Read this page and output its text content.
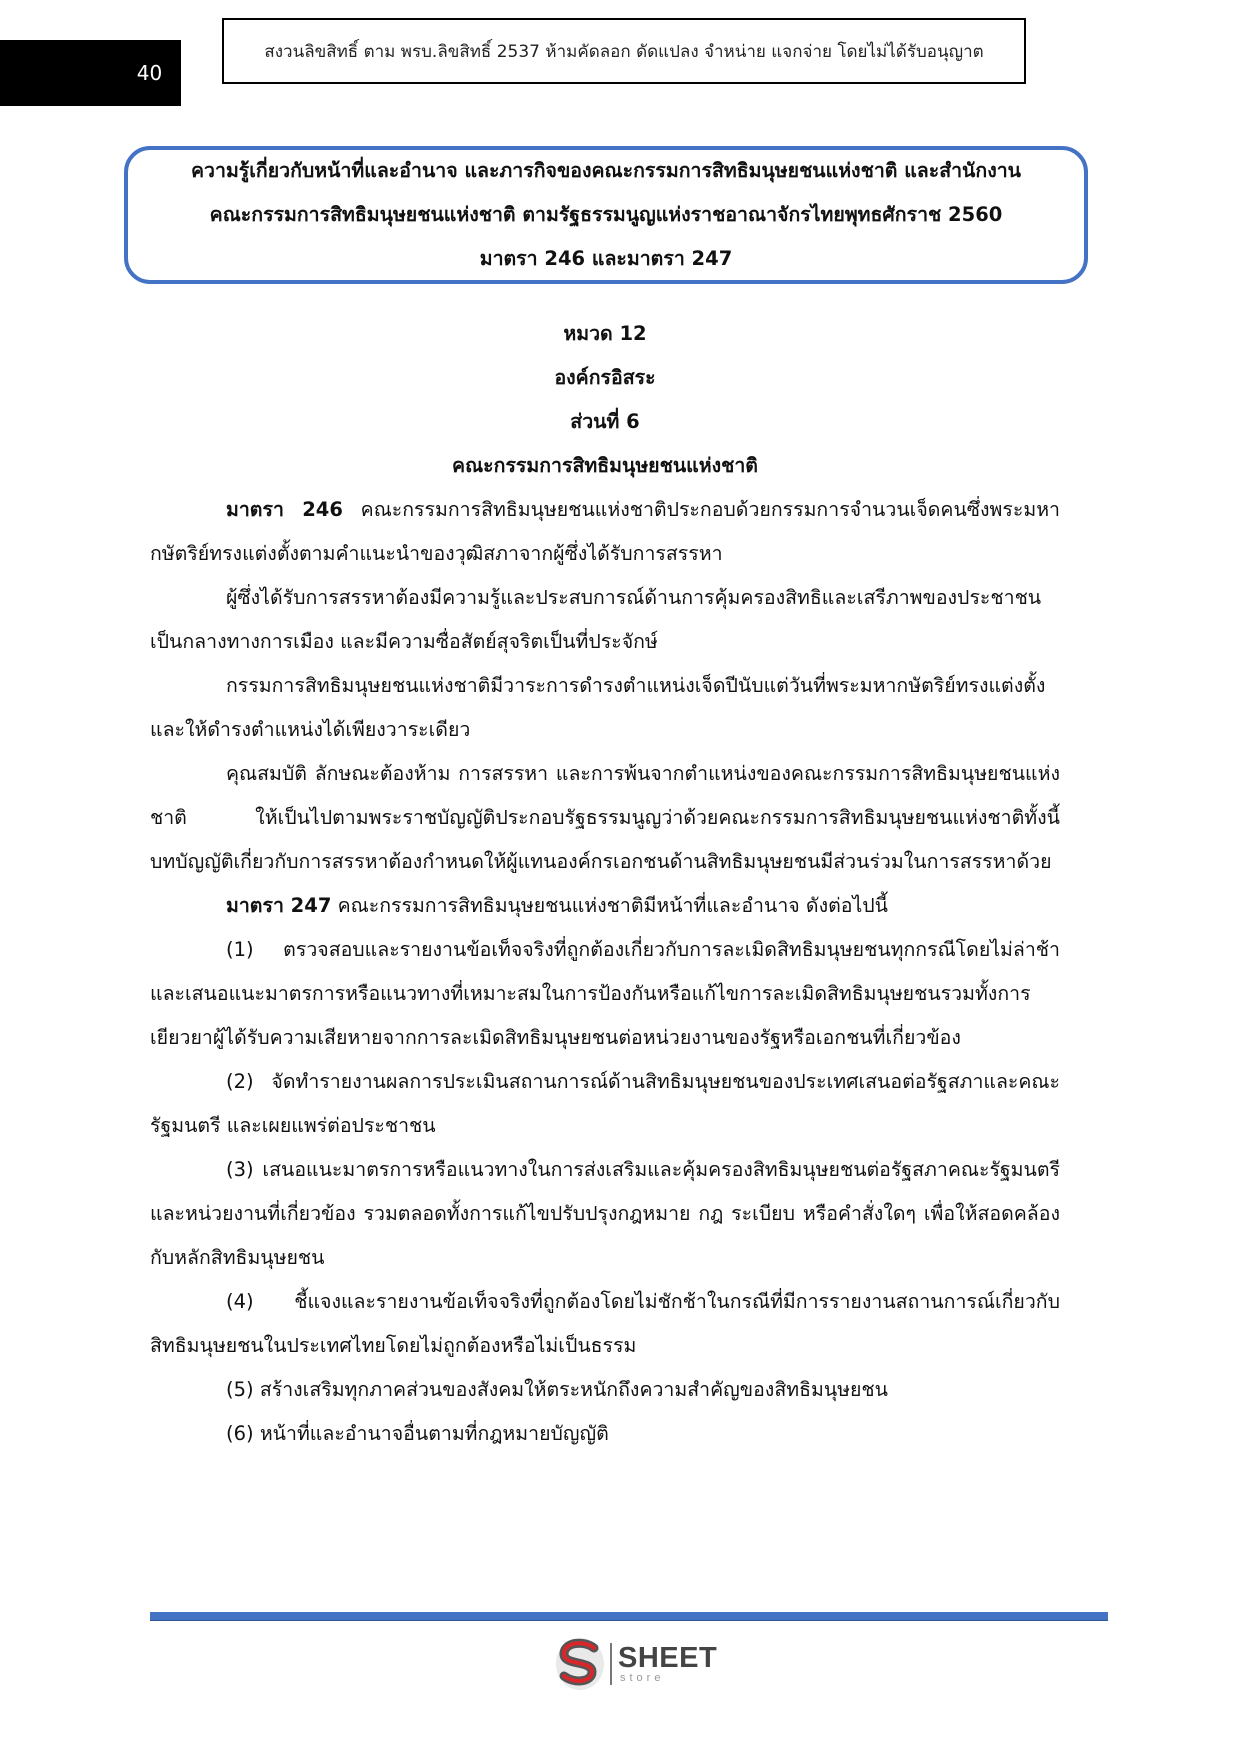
40
สงวนลิขสิทธิ์ ตาม พรบ.ลิขสิทธิ์ 2537 ห้ามคัดลอก ดัดแปลง จำหน่าย แจกจ่าย โดยไม่ได้รับอนุญาต
ความรู้เกี่ยวกับหน้าที่และอำนาจ และภารกิจของคณะกรรมการสิทธิมนุษยชนแห่งชาติ และสำนักงาน
คณะกรรมการสิทธิมนุษยชนแห่งชาติ ตามรัฐธรรมนูญแห่งราชอาณาจักรไทยพุทธศักราช 2560
มาตรา 246 และมาตรา 247
หมวด 12
องค์กรอิสระ
ส่วนที่ 6
คณะกรรมการสิทธิมนุษยชนแห่งชาติ

มาตรา 246 คณะกรรมการสิทธิมนุษยชนแห่งชาติประกอบด้วยกรรมการจำนวนเจ็ดคนซึ่งพระมหากษัตริย์ทรงแต่งตั้งตามคำแนะนำของวุฒิสภาจากผู้ซึ่งได้รับการสรรหา

ผู้ซึ่งได้รับการสรรหาต้องมีความรู้และประสบการณ์ด้านการคุ้มครองสิทธิและเสรีภาพของประชาชนเป็นกลางทางการเมือง และมีความซื่อสัตย์สุจริตเป็นที่ประจักษ์

กรรมการสิทธิมนุษยชนแห่งชาติมีวาระการดำรงตำแหน่งเจ็ดปีนับแต่วันที่พระมหากษัตริย์ทรงแต่งตั้ง และให้ดำรงตำแหน่งได้เพียงวาระเดียว

คุณสมบัติ ลักษณะต้องห้าม การสรรหา และการพ้นจากตำแหน่งของคณะกรรมการสิทธิมนุษยชนแห่งชาติ ให้เป็นไปตามพระราชบัญญัติประกอบรัฐธรรมนูญว่าด้วยคณะกรรมการสิทธิมนุษยชนแห่งชาติทั้งนี้ บทบัญญัติเกี่ยวกับการสรรหาต้องกำหนดให้ผู้แทนองค์กรเอกชนด้านสิทธิมนุษยชนมีส่วนร่วมในการสรรหาด้วย

มาตรา 247 คณะกรรมการสิทธิมนุษยชนแห่งชาติมีหน้าที่และอำนาจ ดังต่อไปนี้

(1) ตรวจสอบและรายงานข้อเท็จจริงที่ถูกต้องเกี่ยวกับการละเมิดสิทธิมนุษยชนทุกกรณีโดยไม่ล่าช้าและเสนอแนะมาตรการหรือแนวทางที่เหมาะสมในการป้องกันหรือแก้ไขการละเมิดสิทธิมนุษยชนรวมทั้งการเยียวยาผู้ได้รับความเสียหายจากการละเมิดสิทธิมนุษยชนต่อหน่วยงานของรัฐหรือเอกชนที่เกี่ยวข้อง

(2) จัดทำรายงานผลการประเมินสถานการณ์ด้านสิทธิมนุษยชนของประเทศเสนอต่อรัฐสภาและคณะรัฐมนตรี และเผยแพร่ต่อประชาชน

(3) เสนอแนะมาตรการหรือแนวทางในการส่งเสริมและคุ้มครองสิทธิมนุษยชนต่อรัฐสภาคณะรัฐมนตรี และหน่วยงานที่เกี่ยวข้อง รวมตลอดทั้งการแก้ไขปรับปรุงกฎหมาย กฎ ระเบียบ หรือคำสั่งใดๆ เพื่อให้สอดคล้องกับหลักสิทธิมนุษยชน

(4) ชี้แจงและรายงานข้อเท็จจริงที่ถูกต้องโดยไม่ชักช้าในกรณีที่มีการรายงานสถานการณ์เกี่ยวกับสิทธิมนุษยชนในประเทศไทยโดยไม่ถูกต้องหรือไม่เป็นธรรม

(5) สร้างเสริมทุกภาคส่วนของสังคมให้ตระหนักถึงความสำคัญของสิทธิมนุษยชน

(6) หน้าที่และอำนาจอื่นตามที่กฎหมายบัญญัติ

SHEET
store
